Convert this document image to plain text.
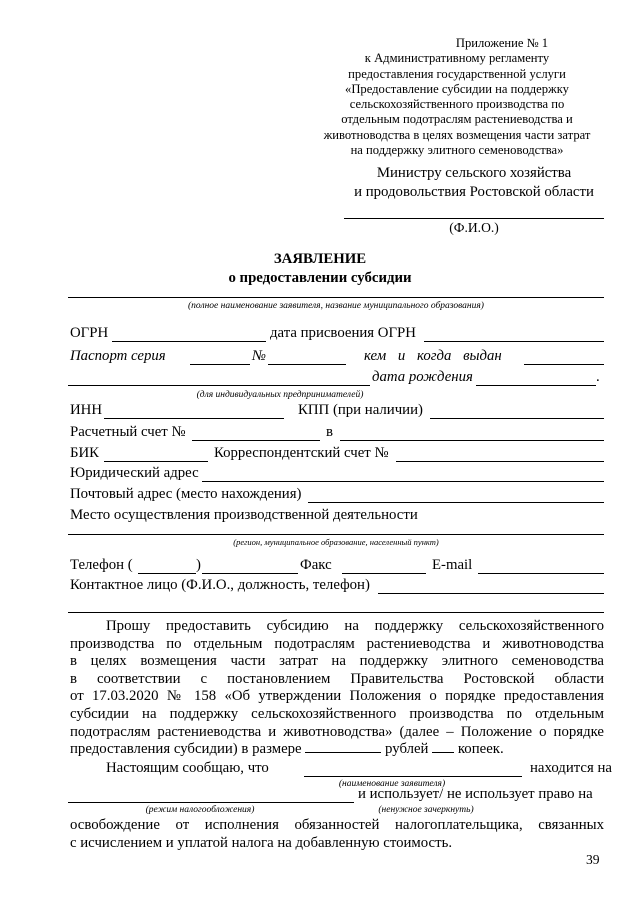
Приложение № 1
к Административному регламенту
предоставления государственной услуги
«Предоставление субсидии на поддержку
сельскохозяйственного производства по
отдельным подотраслям растениеводства и
животноводства в целях возмещения части затрат
на поддержку элитного семеноводства»
Министру сельского хозяйства
и продовольствия Ростовской области
(Ф.И.О.)
ЗАЯВЛЕНИЕ
о предоставлении субсидии
(полное наименование заявителя, название муниципального образования)
ОГРН	дата присвоения ОГРН
Паспорт серия	№	кем и когда выдан
дата рождения	.
(для индивидуальных предпринимателей)
ИНН	КПП (при наличии)
Расчетный счет №	в
БИК	Корреспондентский счет №
Юридический адрес
Почтовый адрес (место нахождения)
Место осуществления производственной деятельности
(регион, муниципальное образование, населенный пункт)
Телефон (	)	Факс	E-mail
Контактное лицо (Ф.И.О., должность, телефон)
Прошу предоставить субсидию на поддержку сельскохозяйственного
производства по отдельным подотраслям растениеводства и животноводства
в целях возмещения части затрат на поддержку элитного семеноводства
в соответствии с постановлением Правительства Ростовской области
от 17.03.2020 № 158 «Об утверждении Положения о порядке предоставления
субсидии на поддержку сельскохозяйственного производства по отдельным
подотраслям растениеводства и животноводства» (далее – Положение о порядке
предоставления субсидии) в размере	рублей копеек.
Настоящим сообщаю, что	находится на
(наименование заявителя)
и использует/ не использует право на
(режим налогообложения)	(ненужное зачеркнуть)
освобождение от исполнения обязанностей налогоплательщика, связанных
с исчислением и уплатой налога на добавленную стоимость.
39
